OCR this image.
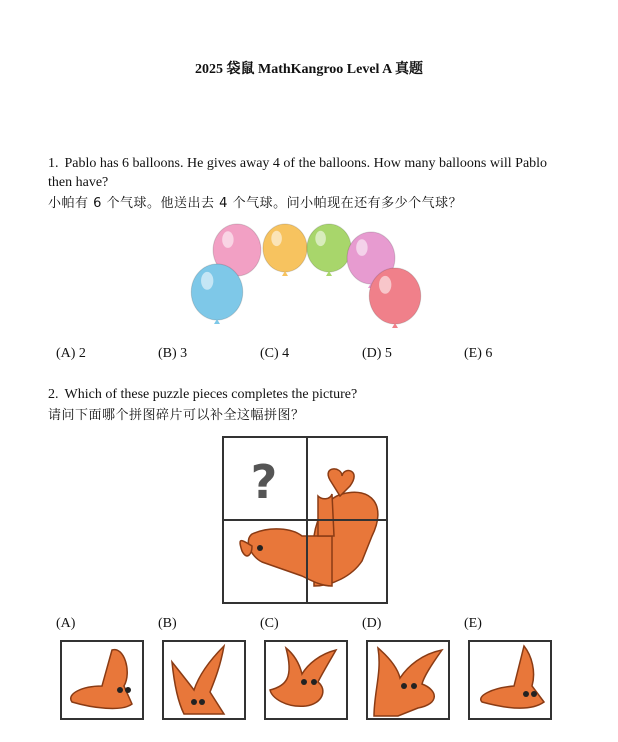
2025 袋鼠 MathKangroo Level A 真题
1. Pablo has 6 balloons. He gives away 4 of the balloons. How many balloons will Pablo then have?
小帕有 6 个气球。他送出去 4 个气球。问小帕现在还有多少个气球？
(A) 2	(B) 3	(C) 4	(D) 5	(E) 6
2. Which of these puzzle pieces completes the picture?
请问下面哪个拼图碎片可以补全这幅拼图？
?
(A)	(B)	(C)	(D)	(E)
